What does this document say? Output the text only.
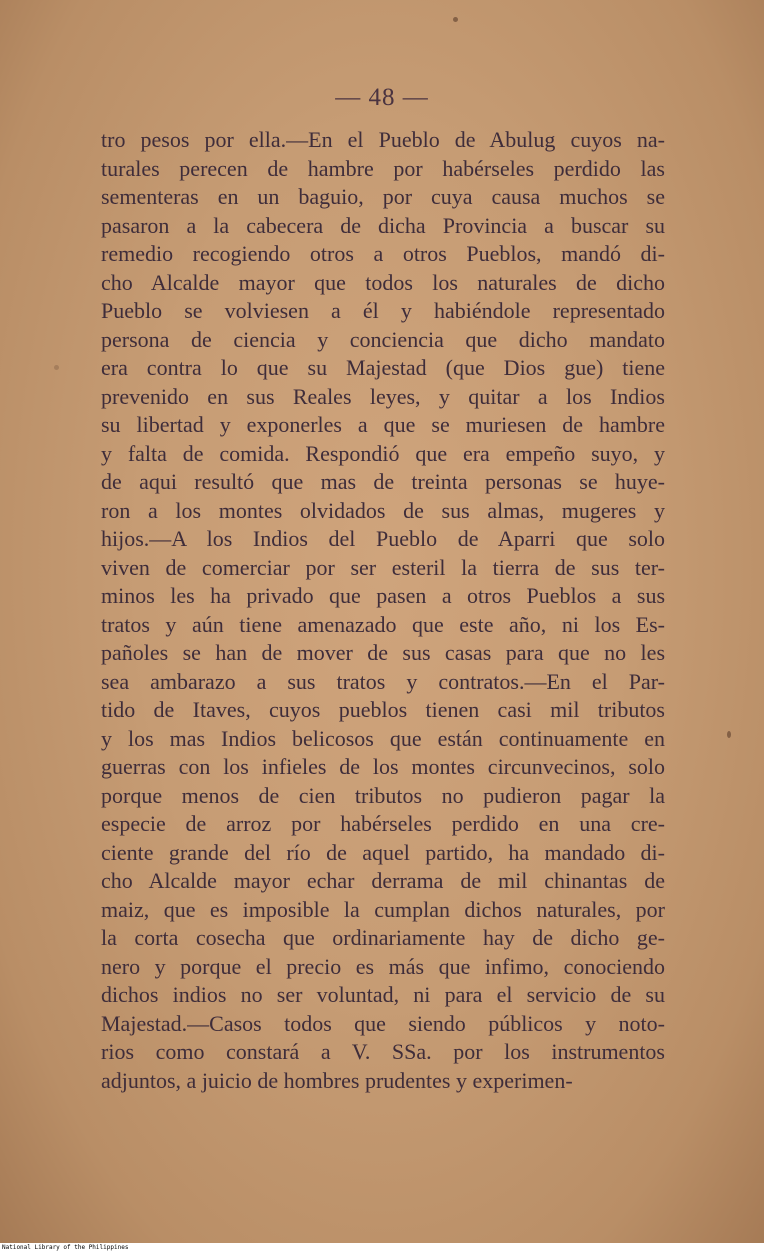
— 48 —
tro pesos por ella.—En el Pueblo de Abulug cuyos na-
turales perecen de hambre por habérseles perdido las
sementeras en un baguio, por cuya causa muchos se
pasaron a la cabecera de dicha Provincia a buscar su
remedio recogiendo otros a otros Pueblos, mandó di-
cho Alcalde mayor que todos los naturales de dicho
Pueblo se volviesen a él y habiéndole representado
persona de ciencia y conciencia que dicho mandato
era contra lo que su Majestad (que Dios gue) tiene
prevenido en sus Reales leyes, y quitar a los Indios
su libertad y exponerles a que se muriesen de hambre
y falta de comida. Respondió que era empeño suyo, y
de aqui resultó que mas de treinta personas se huye-
ron a los montes olvidados de sus almas, mugeres y
hijos.—A los Indios del Pueblo de Aparri que solo
viven de comerciar por ser esteril la tierra de sus ter-
minos les ha privado que pasen a otros Pueblos a sus
tratos y aún tiene amenazado que este año, ni los Es-
pañoles se han de mover de sus casas para que no les
sea ambarazo a sus tratos y contratos.—En el Par-
tido de Itaves, cuyos pueblos tienen casi mil tributos
y los mas Indios belicosos que están continuamente en
guerras con los infieles de los montes circunvecinos, solo
porque menos de cien tributos no pudieron pagar la
especie de arroz por habérseles perdido en una cre-
ciente grande del río de aquel partido, ha mandado di-
cho Alcalde mayor echar derrama de mil chinantas de
maiz, que es imposible la cumplan dichos naturales, por
la corta cosecha que ordinariamente hay de dicho ge-
nero y porque el precio es más que infimo, conociendo
dichos indios no ser voluntad, ni para el servicio de su
Majestad.—Casos todos que siendo públicos y noto-
rios como constará a V. SSa. por los instrumentos
adjuntos, a juicio de hombres prudentes y experimen-
National Library of the Philippines
